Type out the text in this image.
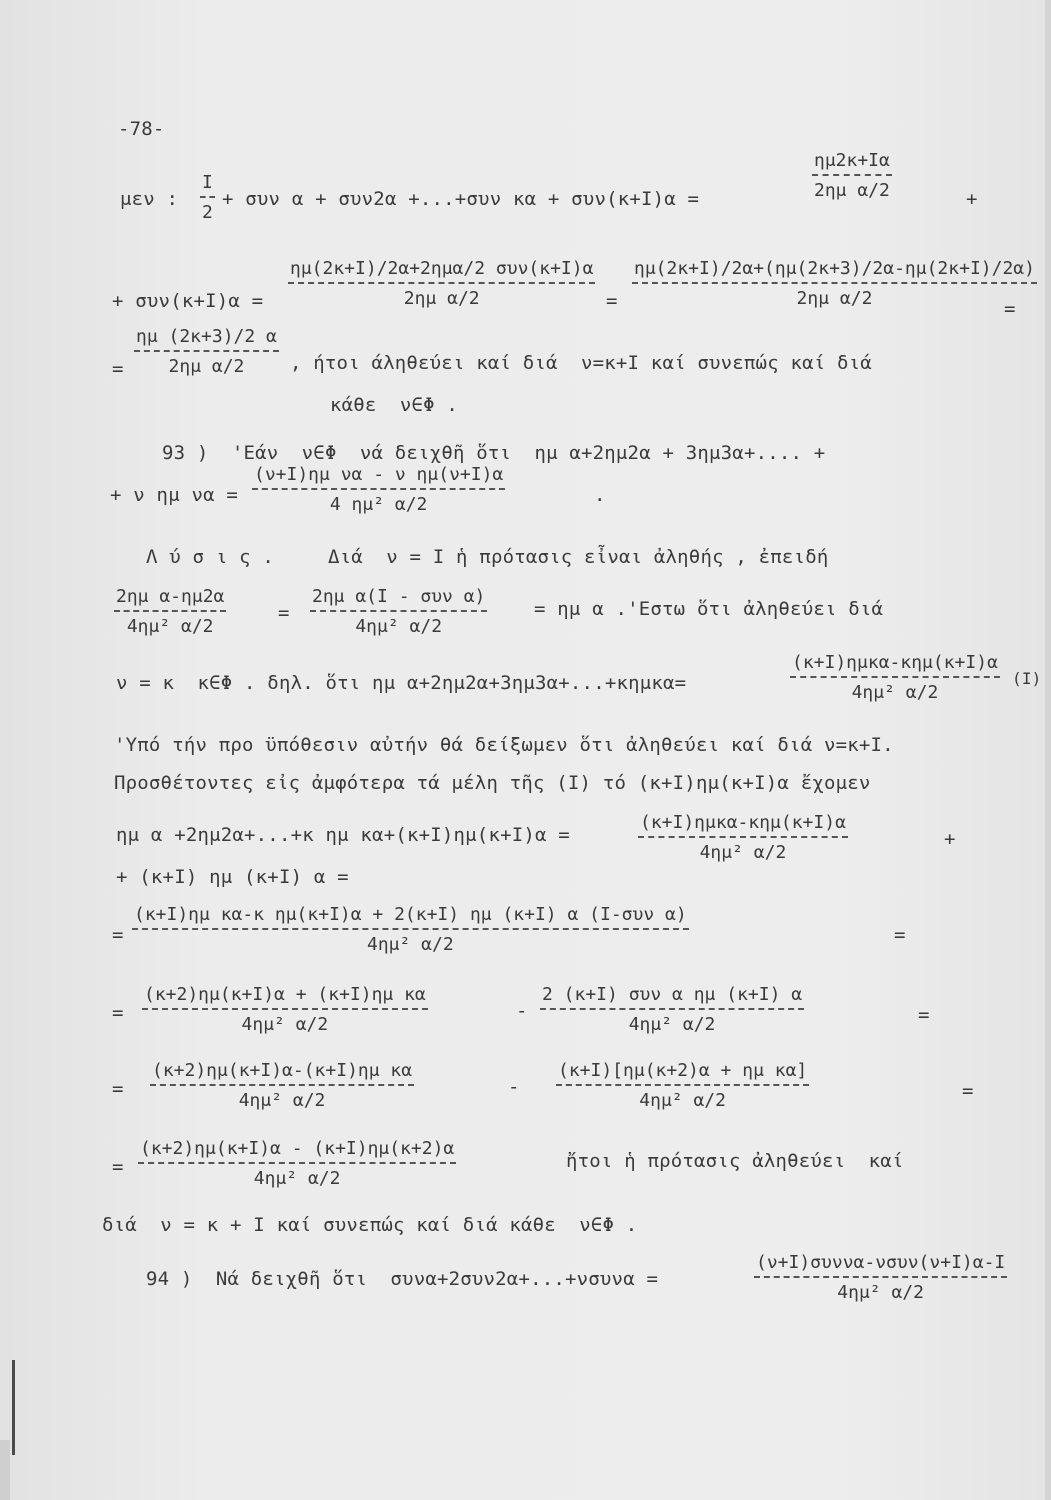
-78-
μεν :
I
2
+ συν α + συν2α +...+συν κα + συν(κ+I)α =
ημ2κ+Iα
2ημ α/2	+
+ συν(κ+I)α =
ημ(2κ+I)/2α+2ημα/2 συν(κ+I)α
2ημ α/2	=
ημ(2κ+I)/2α+(ημ(2κ+3)/2α-ημ(2κ+I)/2α)
2ημ α/2	=
=
ημ (2κ+3)/2 α
2ημ α/2 , ήτοι άληθεύει καί διά  ν=κ+I καί συνεπώς καί διά
κάθε  ν∈Φ .
93 )  'Εάν  ν∈Φ  νά δειχθῆ ὅτι  ημ α+2ημ2α + 3ημ3α+.... +
+ ν ημ να =
(ν+I)ημ να - ν ημ(ν+I)α
4 ημ² α/2	.
Λ ύ σ ι ς .	Διά  ν = I ἡ πρότασις εἶναι ἀληθής , ἐπειδή
2ημ α-ημ2α
4ημ² α/2
=
2ημ α(I - συν α)
4ημ² α/2
= ημ α .'Εστω ὅτι ἀληθεύει διά
ν = κ  κ∈Φ . δηλ. ὅτι ημ α+2ημ2α+3ημ3α+...+κημκα=
(κ+I)ημκα-κημ(κ+I)α
4ημ² α/2
(I)
'Υπό τήν προ ϋπόθεσιν αὐτήν θά δείξωμεν ὅτι ἀληθεύει καί διά ν=κ+I.
Προσθέτοντες εἰς ἀμφότερα τά μέλη τῆς (I) τό (κ+I)ημ(κ+I)α ἔχομεν
ημ α +2ημ2α+...+κ ημ κα+(κ+I)ημ(κ+I)α =
(κ+I)ημκα-κημ(κ+I)α
4ημ² α/2
+
+ (κ+I) ημ (κ+I) α =
=
(κ+I)ημ κα-κ ημ(κ+I)α + 2(κ+I) ημ (κ+I) α (I-συν α)
4ημ² α/2	=
=
(κ+2)ημ(κ+I)α + (κ+I)ημ κα
4ημ² α/2
-
2 (κ+I) συν α ημ (κ+I) α
4ημ² α/2	=
=
(κ+2)ημ(κ+I)α-(κ+I)ημ κα
4ημ² α/2
-
(κ+I)[ημ(κ+2)α + ημ κα]
4ημ² α/2	=
=
(κ+2)ημ(κ+I)α - (κ+I)ημ(κ+2)α
4ημ² α/2
ἤτοι ἡ πρότασις ἀληθεύει  καί
διά  ν = κ + I καί συνεπώς καί διά κάθε  ν∈Φ .
94 )  Νά δειχθῆ ὅτι  συνα+2συν2α+...+νσυνα =
(ν+I)συννα-νσυν(ν+I)α-I
4ημ² α/2
